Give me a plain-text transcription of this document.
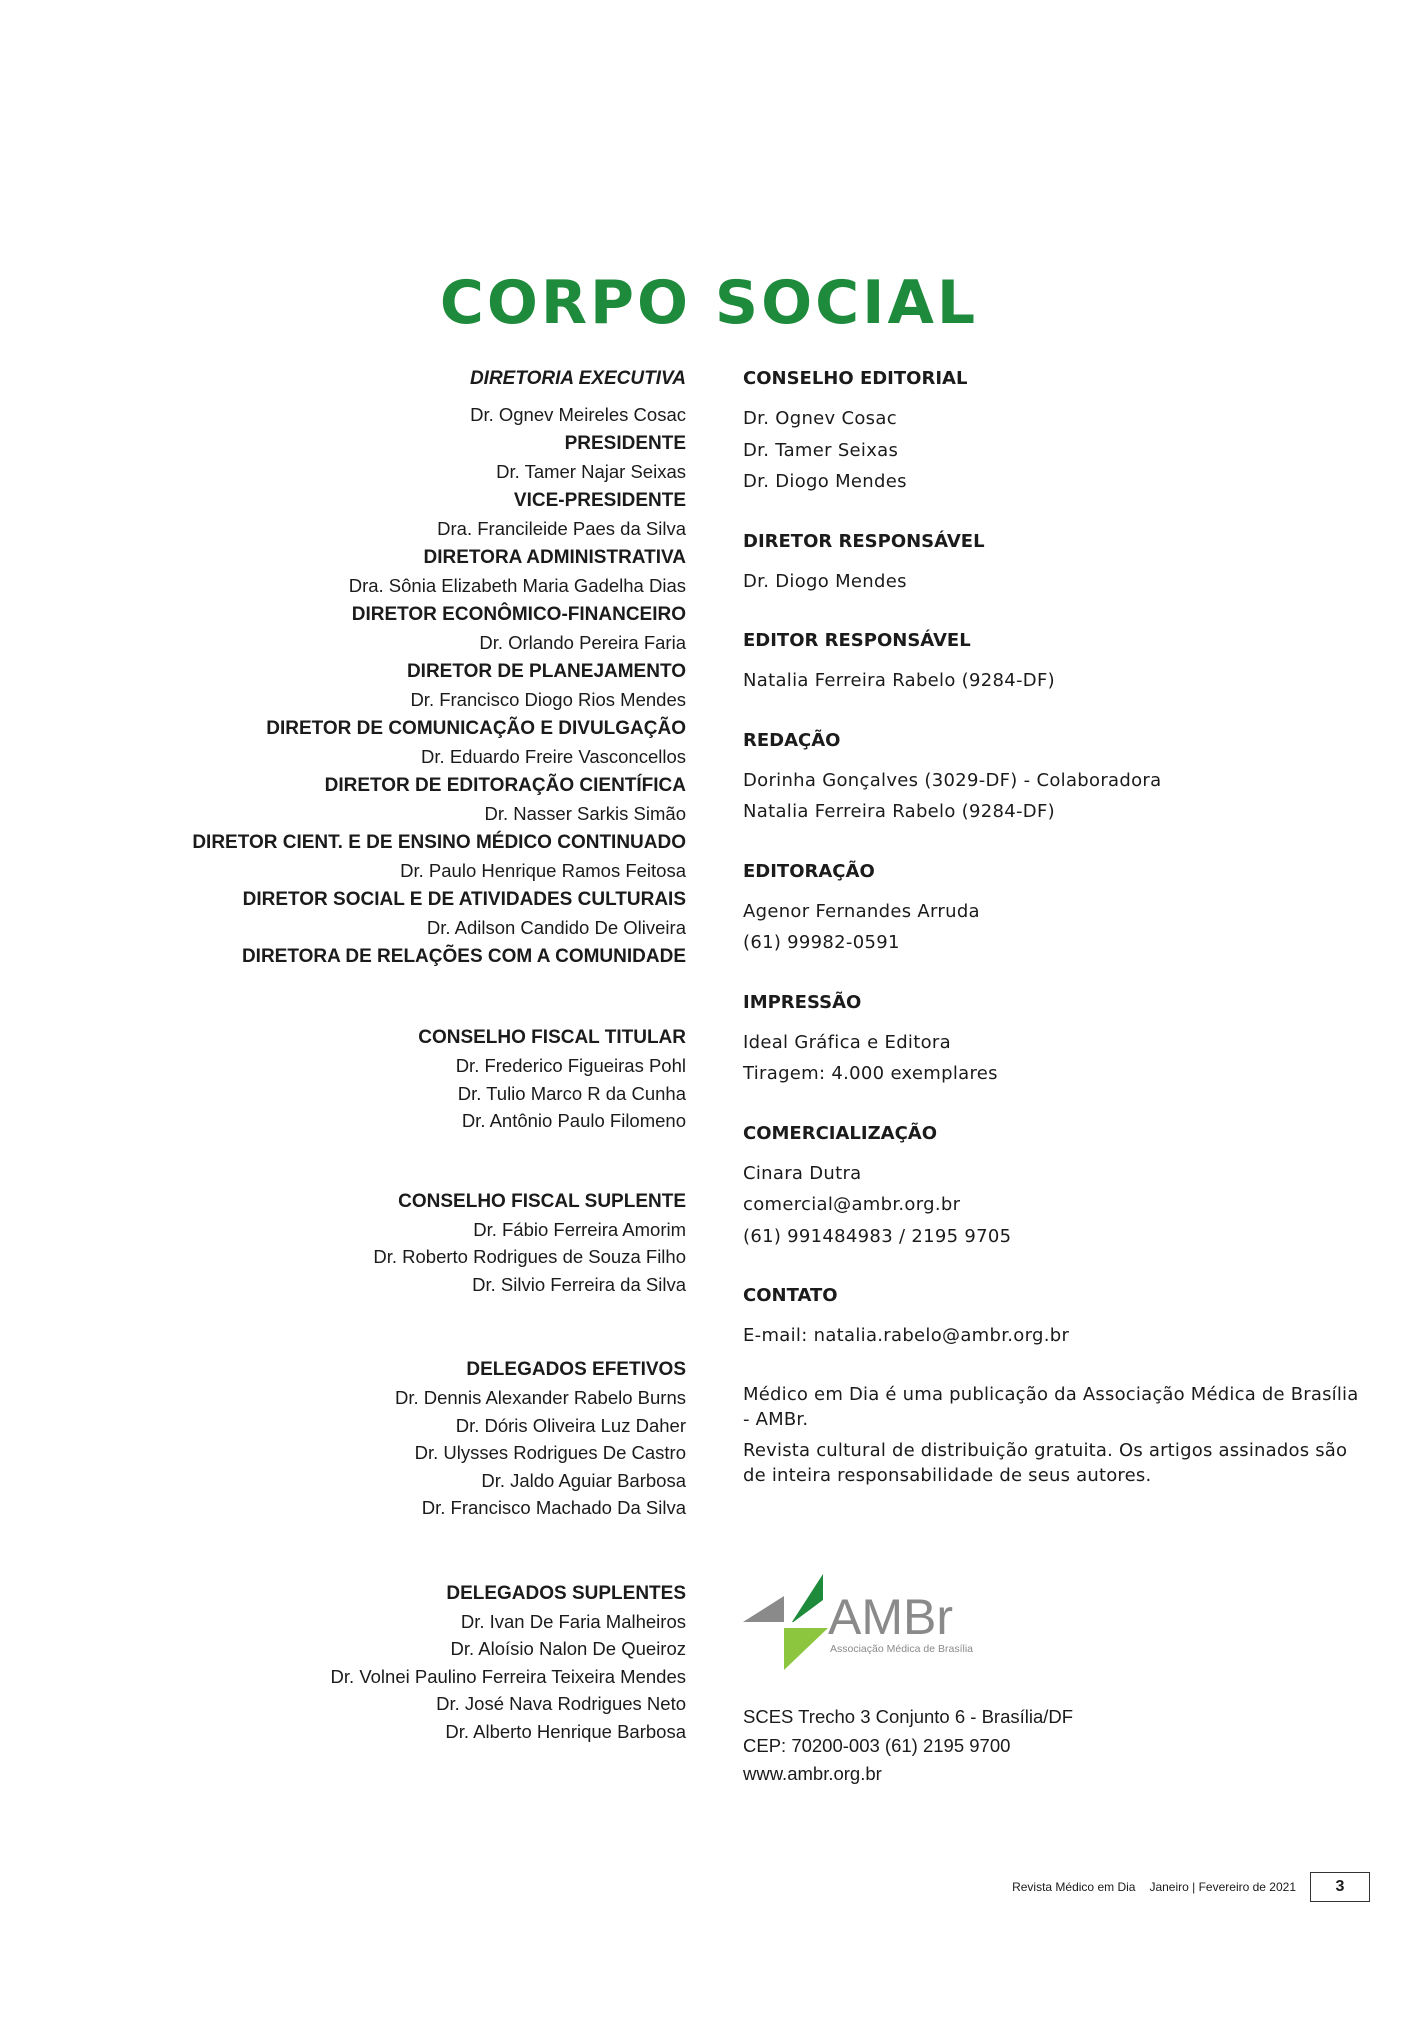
CORPO SOCIAL

DIRETORIA EXECUTIVA

Dr. Ognev Meireles Cosac

PRESIDENTE

Dr. Tamer Najar Seixas

VICE-PRESIDENTE

Dra. Francileide Paes da Silva

DIRETORA ADMINISTRATIVA

Dra. Sônia Elizabeth Maria Gadelha Dias

DIRETOR ECONÔMICO-FINANCEIRO

Dr. Orlando Pereira Faria

DIRETOR DE PLANEJAMENTO

Dr. Francisco Diogo Rios Mendes

DIRETOR DE COMUNICAÇÃO E DIVULGAÇÃO

Dr. Eduardo Freire Vasconcellos

DIRETOR DE EDITORAÇÃO CIENTÍFICA

Dr. Nasser Sarkis Simão

DIRETOR CIENT. E DE ENSINO MÉDICO CONTINUADO

Dr. Paulo Henrique Ramos Feitosa

DIRETOR SOCIAL E DE ATIVIDADES CULTURAIS

Dr. Adilson Candido De Oliveira

DIRETORA DE RELAÇÕES COM A COMUNIDADE

CONSELHO FISCAL TITULAR

Dr. Frederico Figueiras Pohl

Dr. Tulio Marco R da Cunha

Dr. Antônio Paulo Filomeno

CONSELHO FISCAL SUPLENTE

Dr. Fábio Ferreira Amorim

Dr. Roberto Rodrigues de Souza Filho

Dr. Silvio Ferreira da Silva

DELEGADOS EFETIVOS

Dr. Dennis Alexander Rabelo Burns

Dr. Dóris Oliveira Luz Daher

Dr. Ulysses Rodrigues De Castro

Dr. Jaldo Aguiar Barbosa

Dr. Francisco Machado Da Silva

DELEGADOS SUPLENTES

Dr. Ivan De Faria Malheiros

Dr. Aloísio Nalon De Queiroz

Dr. Volnei Paulino Ferreira Teixeira Mendes

Dr. José Nava Rodrigues Neto

Dr. Alberto Henrique Barbosa

CONSELHO EDITORIAL

Dr. Ognev Cosac

Dr. Tamer Seixas

Dr. Diogo Mendes

DIRETOR RESPONSÁVEL

Dr. Diogo Mendes

EDITOR RESPONSÁVEL

Natalia Ferreira Rabelo (9284-DF)

REDAÇÃO

Dorinha Gonçalves (3029-DF) - Colaboradora

Natalia Ferreira Rabelo (9284-DF)

EDITORAÇÃO

Agenor Fernandes Arruda

(61) 99982-0591

IMPRESSÃO

Ideal Gráfica e Editora

Tiragem: 4.000 exemplares

COMERCIALIZAÇÃO

Cinara Dutra

comercial@ambr.org.br

(61) 991484983 / 2195 9705

CONTATO

E-mail: natalia.rabelo@ambr.org.br

Médico em Dia é uma publicação da Associação Médica de Brasília - AMBr.

Revista cultural de distribuição gratuita. Os artigos assinados são de inteira responsabilidade de seus autores.

AMBr
Associação Médica de Brasília

SCES Trecho 3 Conjunto 6 - Brasília/DF

CEP: 70200-003 (61) 2195 9700

www.ambr.org.br

Revista Médico em Dia Janeiro | Fevereiro de 2021	3
